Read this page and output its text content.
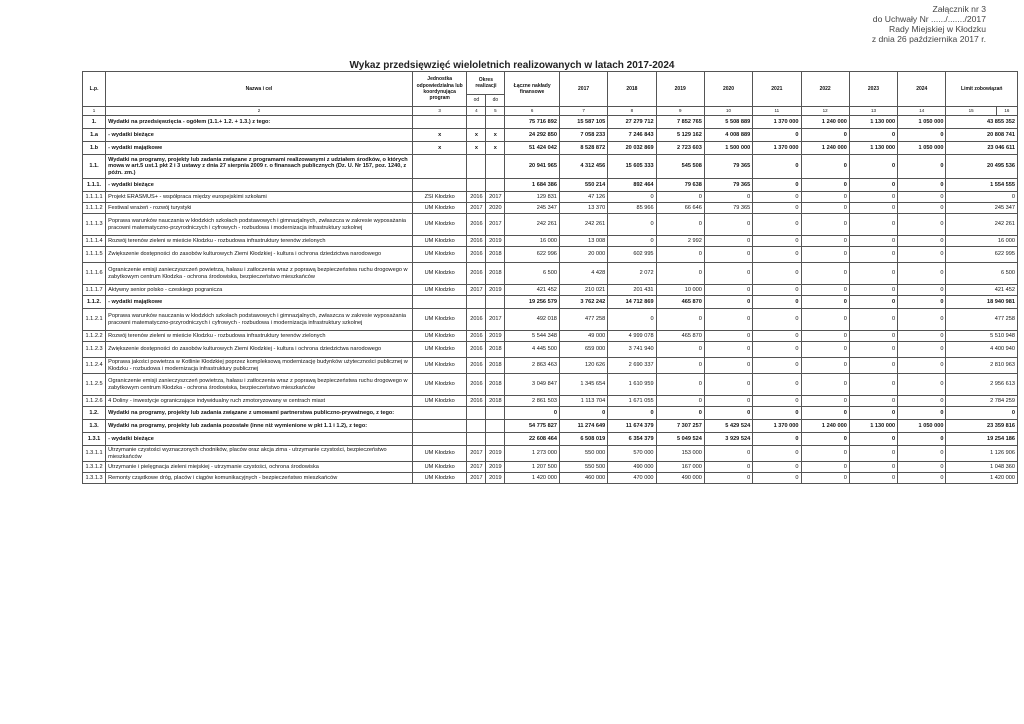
Załącznik nr 3
do Uchwały Nr ....../......./2017
Rady Miejskiej w Kłodzku
z dnia 26 października 2017 r.
Wykaz przedsięwzięć wieloletnich realizowanych w latach 2017-2024
L.p.	Nazwa i cel	Jednostka odpowiedzialna lub koordynująca program	Okres realizacji		Łączne nakłady finansowe	2017	2018	2019	2020	2021	2022	2023	2024	Limit zobowiązań	
			od	do											
1	2	3	4	5	6	7	8	9	10	11	12	13	14	15	16
1.	Wydatki na przedsięwzięcia - ogółem (1.1.+ 1.2. + 1.3.) z tego:				75 716 892	15 587 105	27 279 712	7 852 765	5 508 889	1 370 000	1 240 000	1 130 000	1 050 000	43 855 352	
1.a	- wydatki bieżące	x	x	x	24 292 850	7 058 233	7 246 843	5 129 162	4 008 889	0	0	0	0	20 808 741	
1.b	- wydatki majątkowe	x	x	x	51 424 042	8 528 872	20 032 869	2 723 603	1 500 000	1 370 000	1 240 000	1 130 000	1 050 000	23 046 611	
1.1.	Wydatki na programy, projekty lub zadania związane z programami realizowanymi z udziałem środków, o których mowa w art.5 ust.1 pkt 2 i 3 ustawy z dnia 27 sierpnia 2009 r. o finansach publicznych (Dz. U. Nr 157, poz. 1240, z późn. zm.)				20 941 965	4 312 456	15 605 333	545 508	79 365	0	0	0	0	20 495 536	
1.1.1.	- wydatki bieżące				1 684 386	550 214	892 464	79 638	79 365	0	0	0	0	1 554 555	
1.1.1.1	Projekt ERASMUS+ - współpraca między europejskimi szkołami	ZSI Kłodzko	2016	2017	129 831	47 126	0	0	0	0	0	0	0	0	
1.1.1.2	Festiwal wrażeń - rozwój turystyki	UM Kłodzko	2017	2020	245 347	13 370	85 966	66 646	79 365	0	0	0	0	245 347	
1.1.1.3	Poprawa warunków nauczania w kłodzkich szkołach podstawowych i gimnazjalnych, zwłaszcza w zakresie wyposażania pracowni matematyczno-przyrodniczych i cyfrowych - rozbudowa i modernizacja infrastruktury szkolnej	UM Kłodzko	2016	2017	242 261	242 261	0	0	0	0	0	0	0	242 261	
1.1.1.4	Rozwój terenów zieleni w mieście Kłodzku - rozbudowa infrastruktury terenów zielonych	UM Kłodzko	2016	2019	16 000	13 008	0	2 992	0	0	0	0	0	16 000	
1.1.1.5	Zwiększenie dostępności do zasobów kulturowych Ziemi Kłodzkiej - kultura i ochrona dziedzictwa narodowego	UM Kłodzko	2016	2018	622 996	20 000	602 995	0	0	0	0	0	0	622 995	
1.1.1.6	Ograniczenie emisji zanieczyszczeń powietrza, hałasu i zatłoczenia wraz z poprawą bezpieczeństwa ruchu drogowego w zabytkowym centrum Kłodzka - ochrona środowiska, bezpieczeństwo mieszkańców	UM Kłodzko	2016	2018	6 500	4 428	2 072	0	0	0	0	0	0	6 500	
1.1.1.7	Aktywny senior polsko - czeskiego pogranicza	UM Kłodzko	2017	2019	421 452	210 021	201 431	10 000	0	0	0	0	0	421 452	
1.1.2.	- wydatki majątkowe				19 256 579	3 762 242	14 712 869	465 870	0	0	0	0	0	18 940 981	
1.1.2.1	Poprawa warunków nauczania w kłodzkich szkołach podstawowych i gimnazjalnych, zwłaszcza w zakresie wyposażania pracowni matematyczno-przyrodniczych i cyfrowych - rozbudowa i modernizacja infrastruktury szkolnej	UM Kłodzko	2016	2017	492 018	477 258	0	0	0	0	0	0	0	477 258	
1.1.2.2	Rozwój terenów zieleni w mieście Kłodzku - rozbudowa infrastruktury terenów zielonych	UM Kłodzko	2016	2019	5 544 348	49 000	4 999 078	465 870	0	0	0	0	0	5 510 948	
1.1.2.3	Zwiększenie dostępności do zasobów kulturowych Ziemi Kłodzkiej - kultura i ochrona dziedzictwa narodowego	UM Kłodzko	2016	2018	4 445 500	659 000	3 741 940	0	0	0	0	0	0	4 400 940	
1.1.2.4	Poprawa jakości powietrza w Kotlinie Kłodzkiej poprzez kompleksową modernizację budynków użyteczności publicznej w Kłodzku - rozbudowa i modernizacja infrastruktury publicznej	UM Kłodzko	2016	2018	2 863 463	120 626	2 690 337	0	0	0	0	0	0	2 810 963	
1.1.2.5	Ograniczenie emisji zanieczyszczeń powietrza, hałasu i zatłoczenia wraz z poprawą bezpieczeństwa ruchu drogowego w zabytkowym centrum Kłodzka - ochrona środowiska, bezpieczeństwo mieszkańców	UM Kłodzko	2016	2018	3 049 847	1 345 654	1 610 959	0	0	0	0	0	0	2 956 613	
1.1.2.6	4 Doliny - inwestycje ograniczające indywidualny ruch zmotoryzowany w centrach miast	UM Kłodzko	2016	2018	2 861 503	1 113 704	1 671 055	0	0	0	0	0	0	2 784 259	
1.2.	Wydatki na programy, projekty lub zadania związane z umowami partnerstwa publiczno-prywatnego, z tego:				0	0	0	0	0	0	0	0	0	0	
1.3.	Wydatki na programy, projekty lub zadania pozostałe (inne niż wymienione w pkt 1.1 i 1.2), z tego:				54 775 827	11 274 649	11 674 379	7 307 257	5 429 524	1 370 000	1 240 000	1 130 000	1 050 000	23 359 816	
1.3.1	- wydatki bieżące				22 608 464	6 508 019	6 354 379	5 049 524	3 929 524	0	0	0	0	19 254 186	
1.3.1.1	Utrzymanie czystości wyznaczonych chodników, placów oraz akcja zima - utrzymanie czystości, bezpieczeństwo mieszkańców	UM Kłodzko	2017	2019	1 273 000	550 000	570 000	153 000	0	0	0	0	0	1 126 906	
1.3.1.2	Utrzymanie i pielęgnacja zieleni miejskiej - utrzymanie czystości, ochrona środowiska	UM Kłodzko	2017	2019	1 207 500	550 500	490 000	167 000	0	0	0	0	0	1 048 360	
1.3.1.3	Remonty cząstkowe dróg, placów i ciągów komunikacyjnych - bezpieczeństwo mieszkańców	UM Kłodzko	2017	2019	1 420 000	460 000	470 000	490 000	0	0	0	0	0	1 420 000	
